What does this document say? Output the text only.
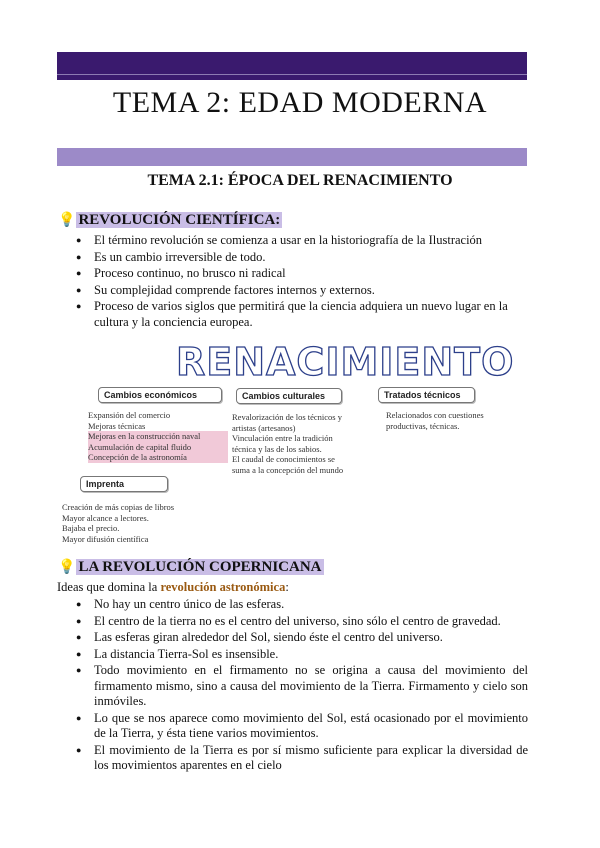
TEMA 2: EDAD MODERNA
TEMA 2.1: ÉPOCA DEL RENACIMIENTO
💡 REVOLUCIÓN CIENTÍFICA:
● El término revolución se comienza a usar en la historiografía de la Ilustración
● Es un cambio irreversible de todo.
● Proceso continuo, no brusco ni radical
● Su complejidad comprende factores internos y externos.
● Proceso de varios siglos que permitirá que la ciencia adquiera un nuevo lugar en la cultura y la conciencia europea.
RENACIMIENTO
Cambios económicos
Expansión del comercio
Mejoras técnicas
Mejoras en la construcción naval
Acumulación de capital fluido
Concepción de la astronomía
Cambios culturales
Revalorización de los técnicos y
artistas (artesanos)
Vinculación entre la tradición
técnica y las de los sabios.
El caudal de conocimientos se
suma a la concepción del mundo
Tratados técnicos
Relacionados con cuestiones
productivas, técnicas.
Imprenta
Creación de más copias de libros
Mayor alcance a lectores.
Bajaba el precio.
Mayor difusión científica
💡 LA REVOLUCIÓN COPERNICANA
Ideas que domina la revolución astronómica:
● No hay un centro único de las esferas.
● El centro de la tierra no es el centro del universo, sino sólo el centro de gravedad.
● Las esferas giran alrededor del Sol, siendo éste el centro del universo.
● La distancia Tierra-Sol es insensible.
● Todo movimiento en el firmamento no se origina a causa del movimiento del firmamento mismo, sino a causa del movimiento de la Tierra. Firmamento y cielo son inmóviles.
● Lo que se nos aparece como movimiento del Sol, está ocasionado por el movimiento de la Tierra, y ésta tiene varios movimientos.
● El movimiento de la Tierra es por sí mismo suficiente para explicar la diversidad de los movimientos aparentes en el cielo
